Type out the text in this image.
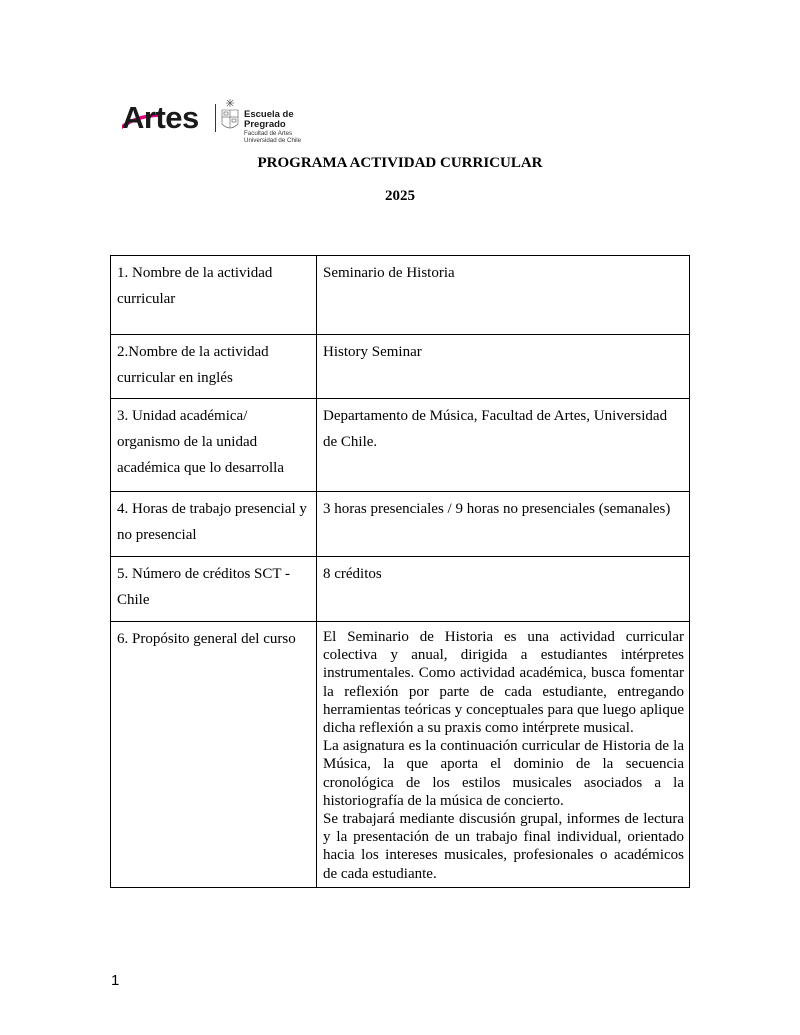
Artes	Escuela de Pregrado
Facultad de Artes
Universidad de Chile
PROGRAMA ACTIVIDAD CURRICULAR
2025
1. Nombre de la actividad curricular	Seminario de Historia
2.Nombre de la actividad curricular en inglés	History Seminar
3. Unidad académica/ organismo de la unidad académica que lo desarrolla	Departamento de Música, Facultad de Artes, Universidad de Chile.
4. Horas de trabajo presencial y no presencial	3 horas presenciales / 9 horas no presenciales (semanales)
5. Número de créditos SCT - Chile	8 créditos
6. Propósito general del curso	El Seminario de Historia es una actividad curricular colectiva y anual, dirigida a estudiantes intérpretes instrumentales. Como actividad académica, busca fomentar la reflexión por parte de cada estudiante, entregando herramientas teóricas y conceptuales para que luego aplique dicha reflexión a su praxis como intérprete musical.

La asignatura es la continuación curricular de Historia de la Música, la que aporta el dominio de la secuencia cronológica de los estilos musicales asociados a la historiografía de la música de concierto.

Se trabajará mediante discusión grupal, informes de lectura y la presentación de un trabajo final individual, orientado hacia los intereses musicales, profesionales o académicos de cada estudiante.

1
